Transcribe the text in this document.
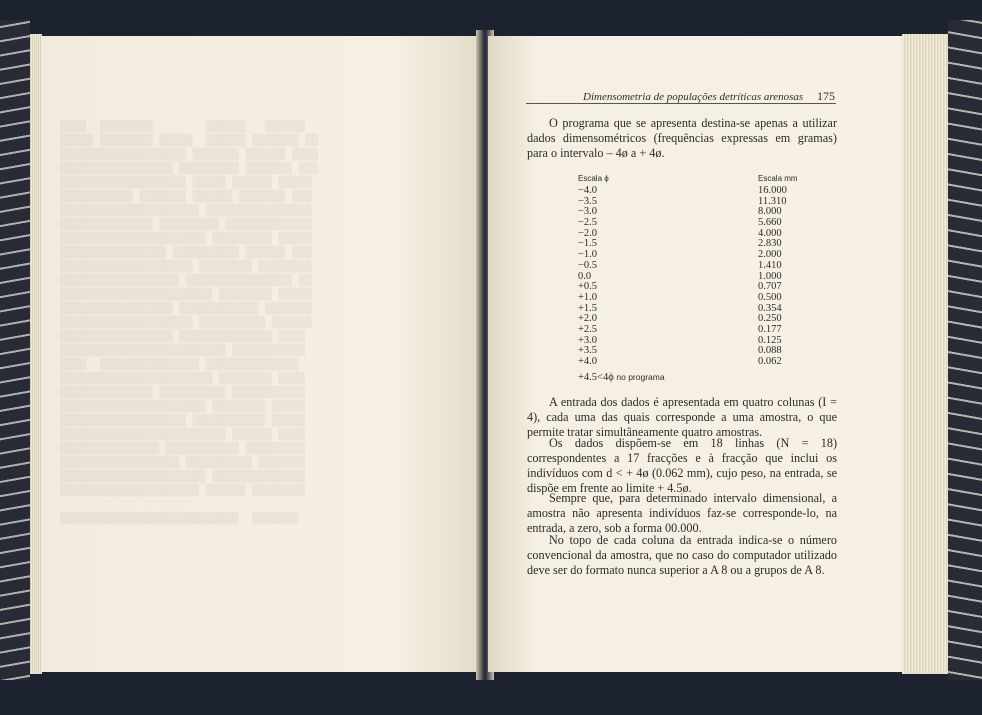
▒▒▒▒  ▒▒▒▒▒▒▒▒        ▒▒▒▒▒▒   ▒▒▒▒▒▒
▒▒▒▒▒ ▒▒▒▒▒▒▒▒ ▒▒▒▒▒  ▒▒▒▒▒▒ ▒▒▒▒▒▒▒ ▒▒
▒▒▒▒▒▒▒▒▒▒▒▒▒▒▒▒▒▒▒ ▒▒▒▒▒▒▒ ▒▒▒▒▒▒ ▒▒▒▒
▒▒▒▒▒▒▒▒▒▒▒▒▒▒▒▒▒ ▒▒▒▒▒▒▒▒▒ ▒▒▒▒▒▒▒ ▒▒▒
▒▒▒▒▒▒▒▒▒▒▒▒▒▒▒▒▒▒▒ ▒▒▒▒▒ ▒▒▒▒▒▒ ▒▒▒▒▒
▒▒▒▒▒▒▒▒▒▒▒ ▒▒▒▒▒▒▒ ▒▒▒▒▒▒ ▒▒▒▒▒▒▒ ▒▒▒
▒▒▒▒▒▒▒▒▒▒▒▒▒▒▒▒▒▒▒▒▒ ▒▒▒▒▒▒▒▒▒▒▒▒▒▒▒▒
▒▒▒▒▒▒▒▒▒▒▒▒▒▒ ▒▒▒▒▒▒▒▒▒ ▒▒▒▒▒▒▒▒▒▒▒▒▒
▒▒▒▒▒▒▒▒▒▒▒▒▒▒▒▒▒▒▒▒▒▒ ▒▒▒▒▒▒▒▒▒ ▒▒▒▒▒
▒▒▒▒▒▒▒▒▒▒▒▒▒▒▒▒ ▒▒▒▒▒▒▒▒▒▒ ▒▒▒▒▒▒ ▒▒▒
▒▒▒▒▒▒▒▒▒▒▒▒▒▒▒▒▒▒▒▒ ▒▒▒▒▒▒▒▒ ▒▒▒▒▒▒▒▒
▒▒▒▒▒▒▒▒▒▒▒▒▒▒▒▒▒▒ ▒▒▒▒▒▒▒▒▒▒▒▒▒▒▒▒ ▒▒
▒▒▒▒▒▒▒▒▒▒▒▒▒▒▒▒▒▒▒▒▒▒▒ ▒▒▒▒▒▒▒▒ ▒▒▒▒▒
▒▒▒▒▒▒▒▒▒▒▒▒▒▒▒▒▒ ▒▒▒▒▒▒▒▒▒▒▒▒ ▒▒▒▒▒▒▒
▒▒▒▒▒▒▒▒▒▒▒▒▒▒▒▒▒▒▒▒ ▒▒▒▒▒▒▒▒▒▒ ▒▒▒▒▒▒
▒▒▒▒▒▒▒▒▒▒▒▒▒▒▒▒▒ ▒▒▒▒▒▒▒▒▒▒▒▒▒▒ ▒▒▒▒
▒▒▒▒▒▒▒▒▒▒▒▒▒▒▒▒▒▒▒▒▒▒▒▒▒ ▒▒▒▒▒▒▒▒▒▒▒
▒▒▒▒  ▒▒▒▒▒▒▒▒▒▒▒▒▒▒▒ ▒▒▒▒▒▒▒▒▒▒▒▒▒▒
▒▒▒▒▒▒▒▒▒▒▒▒▒▒▒▒▒▒▒▒▒▒▒ ▒▒▒▒▒▒▒▒ ▒▒▒▒
▒▒▒▒▒▒▒▒▒▒▒▒▒▒ ▒▒▒▒▒▒▒▒▒▒ ▒▒▒▒▒▒▒▒▒▒▒
▒▒▒▒▒▒▒▒▒▒▒▒▒▒▒▒▒▒▒▒▒▒ ▒▒▒▒▒▒▒▒ ▒▒▒▒▒
▒▒▒▒▒▒▒▒▒▒▒▒▒▒▒▒▒▒▒ ▒▒▒▒▒▒▒▒▒▒▒ ▒▒▒▒▒
▒▒▒▒▒▒▒▒▒▒▒▒▒▒▒▒▒▒▒▒▒▒▒▒▒ ▒▒▒▒▒▒ ▒▒▒▒
▒▒▒▒▒▒▒▒▒▒▒▒▒▒▒ ▒▒▒▒▒▒▒▒▒▒▒ ▒▒▒▒▒▒▒▒▒
▒▒▒▒▒▒▒▒▒▒▒▒▒▒▒▒▒▒ ▒▒▒▒▒▒▒▒▒▒ ▒▒▒▒▒▒▒
▒▒▒▒▒▒▒▒▒▒▒▒▒▒▒▒▒▒▒▒▒▒ ▒▒▒▒▒▒▒▒▒▒▒▒▒▒
▒▒▒▒▒▒▒▒▒▒▒▒▒▒▒▒▒▒▒▒▒ ▒▒▒▒▒▒ ▒▒▒▒▒▒▒▒

▒▒▒▒▒▒▒▒▒▒▒▒▒▒▒▒▒▒▒▒▒▒▒▒▒▒▒  ▒▒▒▒▒▒▒

Dimensometria de populações detríticas arenosas 175
O programa que se apresenta destina-se apenas a utilizar dados dimensométricos (frequências expressas em gramas) para o intervalo – 4ø a + 4ø.
Escala ϕ	Escala mm
−4.0	16.000
−3.5	11.310
−3.0	8.000
−2.5	5.660
−2.0	4.000
−1.5	2.830
−1.0	2.000
−0.5	1.410
0.0	1.000
+0.5	0.707
+1.0	0.500
+1.5	0.354
+2.0	0.250
+2.5	0.177
+3.0	0.125
+3.5	0.088
+4.0	0.062
+4.5<4ϕ no programa
A entrada dos dados é apresentada em quatro colunas (I = 4), cada uma das quais corresponde a uma amostra, o que permite tratar simultâneamente quatro amostras.
Os dados dispõem-se em 18 linhas (N = 18) correspondentes a 17 fracções e à fracção que inclui os indivíduos com d < + 4ø (0.062 mm), cujo peso, na entrada, se dispõe em frente ao limite + 4.5ø.
Sempre que, para determinado intervalo dimensional, a amostra não apresenta indivíduos faz-se corresponde-lo, na entrada, a zero, sob a forma 00.000.
No topo de cada coluna da entrada indica-se o número convencional da amostra, que no caso do computador utilizado deve ser do formato nunca superior a A 8 ou a grupos de A 8.
